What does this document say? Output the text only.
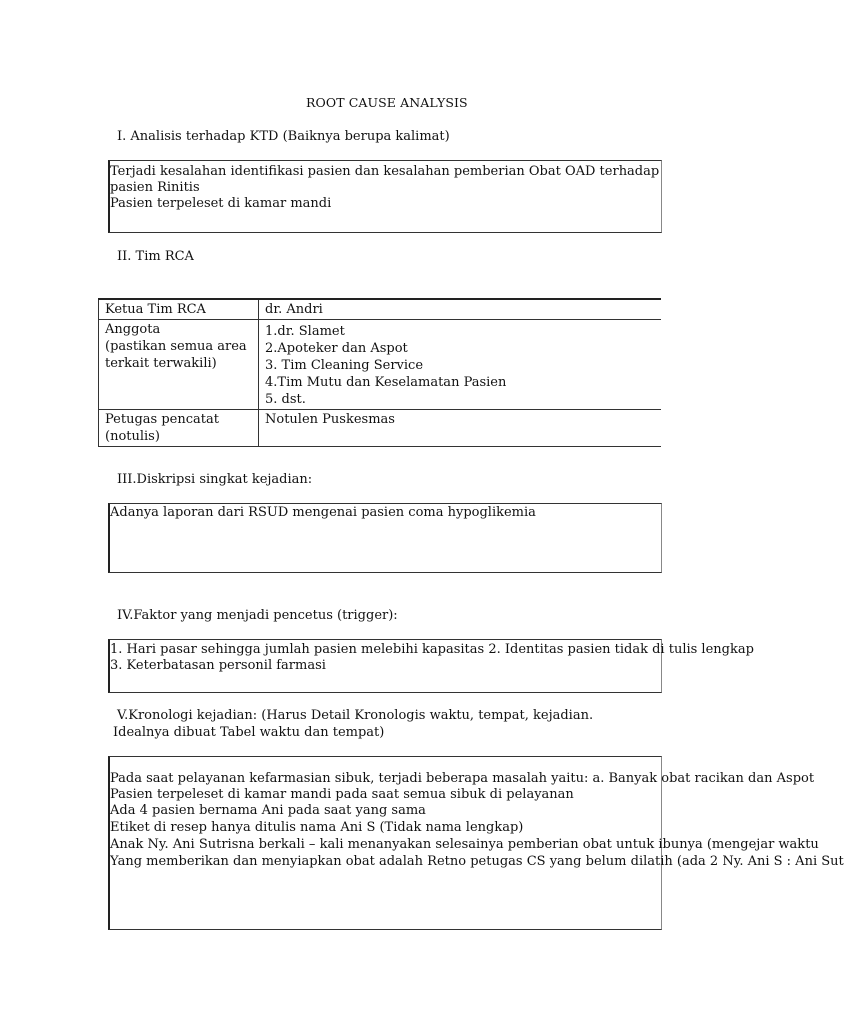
ROOT CAUSE ANALYSIS
I. Analisis terhadap KTD (Baiknya berupa kalimat)
Terjadi kesalahan identifikasi pasien dan kesalahan pemberian Obat OAD terhadap
pasien Rinitis
Pasien terpeleset di kamar mandi
II. Tim RCA
Ketua Tim RCA	dr. Andri

Anggota
(pastikan semua area
terkait terwakili)	1.dr. Slamet
2.Apoteker dan Aspot
3. Tim Cleaning Service
4.Tim Mutu dan Keselamatan Pasien
5. dst.

Petugas pencatat
(notulis)	Notulen Puskesmas
III.Diskripsi singkat kejadian:
Adanya laporan dari RSUD mengenai pasien coma hypoglikemia
IV.Faktor yang menjadi pencetus (trigger):
1. Hari pasar sehingga jumlah pasien melebihi kapasitas 2. Identitas pasien tidak di tulis lengkap
3. Keterbatasan personil farmasi
V.Kronologi kejadian: (Harus Detail Kronologis waktu, tempat, kejadian.
Idealnya dibuat Tabel waktu dan tempat)
Pada saat pelayanan kefarmasian sibuk, terjadi beberapa masalah yaitu: a. Banyak obat racikan dan Aspot
Pasien terpeleset di kamar mandi pada saat semua sibuk di pelayanan
Ada 4 pasien bernama Ani pada saat yang sama
Etiket di resep hanya ditulis nama Ani S (Tidak nama lengkap)
Anak Ny. Ani Sutrisna berkali – kali menanyakan selesainya pemberian obat untuk ibunya (mengejar waktu
Yang memberikan dan menyiapkan obat adalah Retno petugas CS yang belum dilatih (ada 2 Ny. Ani S : Ani Sut
